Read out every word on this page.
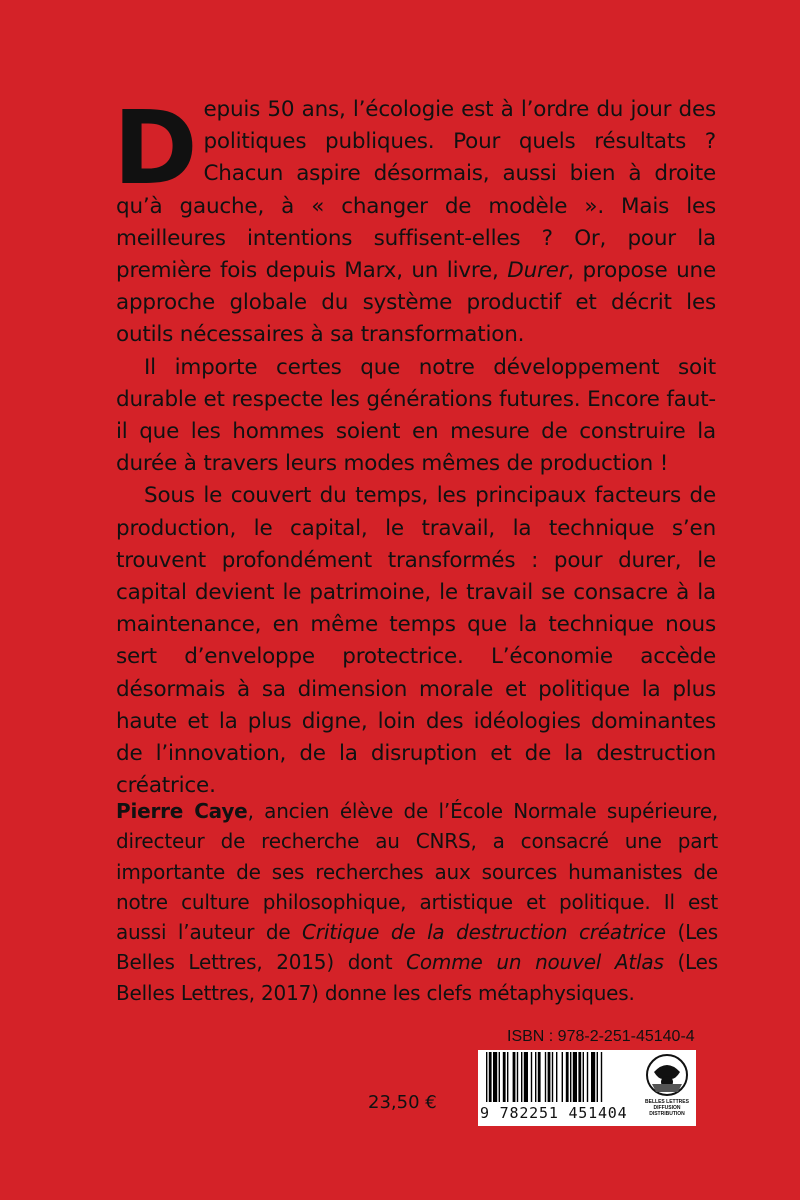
Depuis 50 ans, l’écologie est à l’ordre du jour des politiques publiques. Pour quels résultats ? Chacun aspire désormais, aussi bien à droite qu’à gauche, à « changer de modèle ». Mais les meilleures intentions suffisent-elles ? Or, pour la première fois depuis Marx, un livre, Durer, propose une approche globale du système productif et décrit les outils nécessaires à sa transformation.

Il importe certes que notre développement soit durable et respecte les générations futures. Encore faut-il que les hommes soient en mesure de construire la durée à travers leurs modes mêmes de production !

Sous le couvert du temps, les principaux facteurs de production, le capital, le travail, la technique s’en trouvent profondément transformés : pour durer, le capital devient le patrimoine, le travail se consacre à la maintenance, en même temps que la technique nous sert d’enveloppe protectrice. L’économie accède désormais à sa dimension morale et politique la plus haute et la plus digne, loin des idéologies dominantes de l’innovation, de la disruption et de la destruction créatrice.

Pierre Caye, ancien élève de l’École Normale supérieure, directeur de recherche au CNRS, a consacré une part importante de ses recherches aux sources humanistes de notre culture philosophique, artistique et politique. Il est aussi l’auteur de Critique de la destruction créatrice (Les Belles Lettres, 2015) dont Comme un nouvel Atlas (Les Belles Lettres, 2017) donne les clefs métaphysiques.

23,50 €
ISBN : 978-2-251-45140-4
9 782251 451404
BELLES LETTRES
DIFFUSION
DISTRIBUTION
